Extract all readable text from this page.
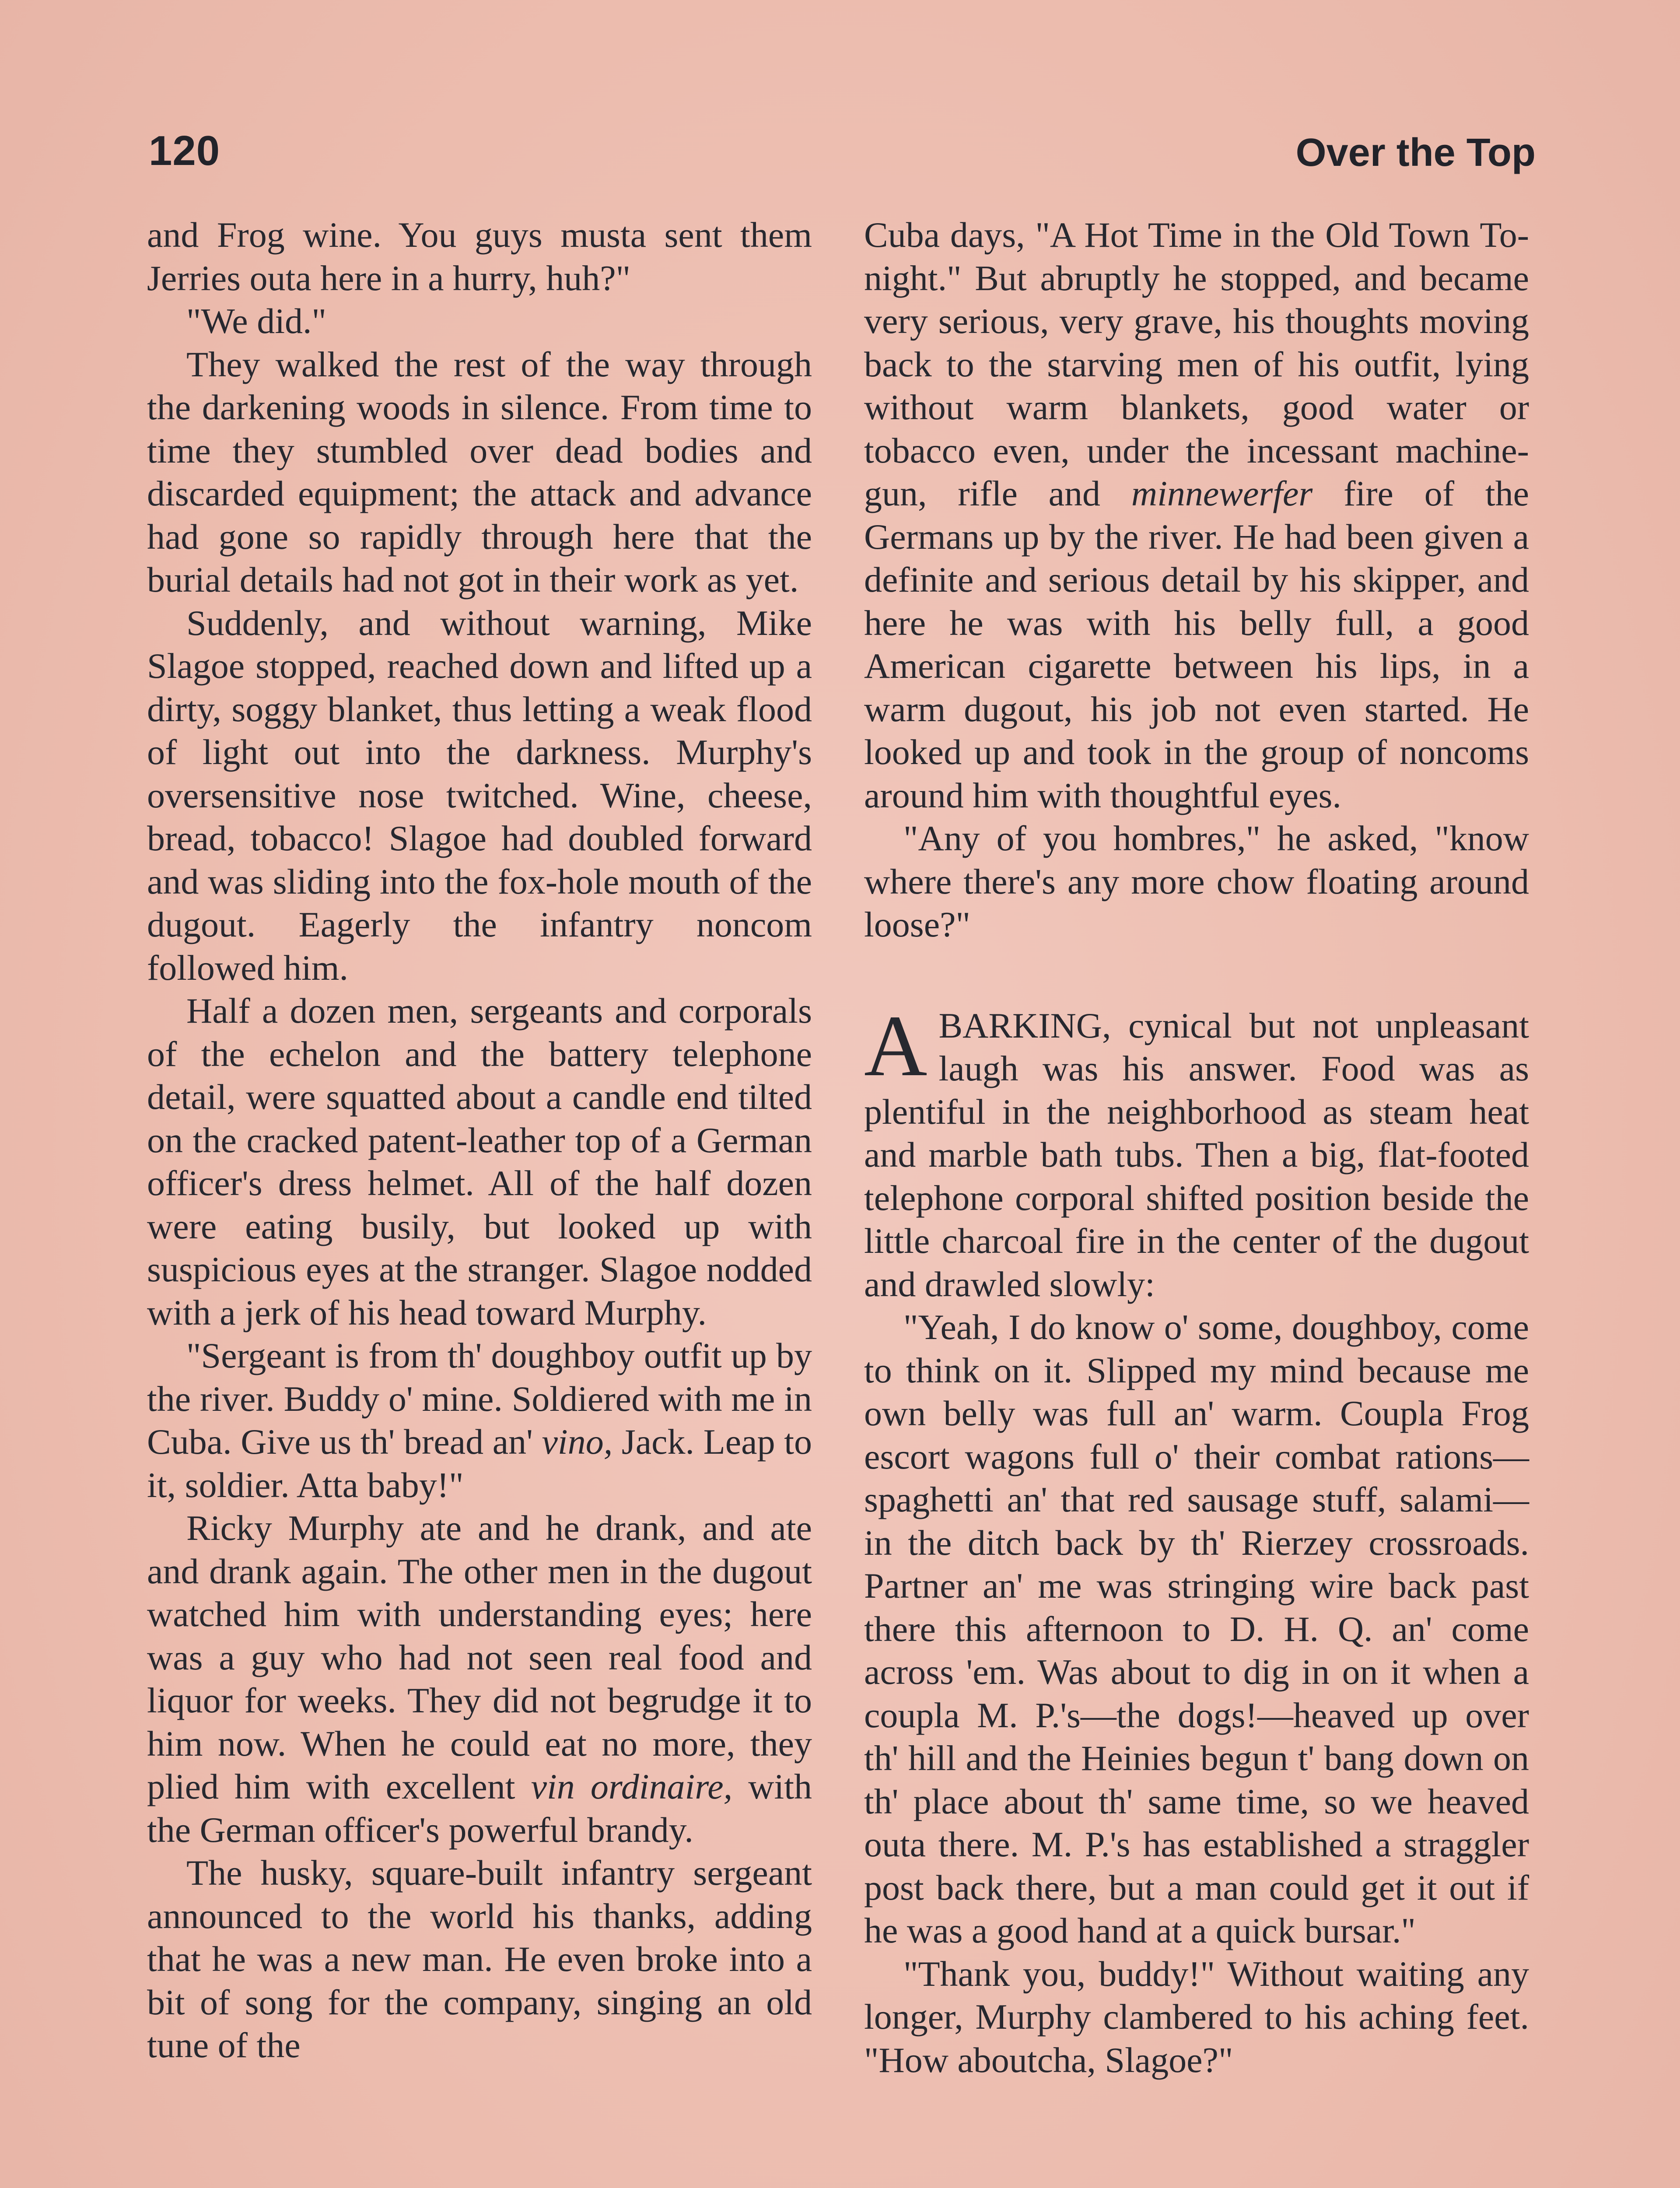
120	Over the Top

and Frog wine. You guys musta sent them Jerries outa here in a hurry, huh?"

"We did."

They walked the rest of the way through the darkening woods in silence. From time to time they stumbled over dead bodies and discarded equipment; the attack and advance had gone so rapidly through here that the burial details had not got in their work as yet.

Suddenly, and without warning, Mike Slagoe stopped, reached down and lifted up a dirty, soggy blanket, thus letting a weak flood of light out into the darkness. Murphy's oversensitive nose twitched. Wine, cheese, bread, tobacco! Slagoe had doubled forward and was sliding into the fox-hole mouth of the dugout. Eagerly the infantry noncom followed him.

Half a dozen men, sergeants and corporals of the echelon and the battery telephone detail, were squatted about a candle end tilted on the cracked patent-leather top of a German officer's dress helmet. All of the half dozen were eating busily, but looked up with suspicious eyes at the stranger. Slagoe nodded with a jerk of his head toward Murphy.

"Sergeant is from th' doughboy outfit up by the river. Buddy o' mine. Soldiered with me in Cuba. Give us th' bread an' vino, Jack. Leap to it, soldier. Atta baby!"

Ricky Murphy ate and he drank, and ate and drank again. The other men in the dugout watched him with understanding eyes; here was a guy who had not seen real food and liquor for weeks. They did not begrudge it to him now. When he could eat no more, they plied him with excellent vin ordinaire, with the German officer's powerful brandy.

The husky, square-built infantry sergeant announced to the world his thanks, adding that he was a new man. He even broke into a bit of song for the company, singing an old tune of the

Cuba days, "A Hot Time in the Old Town To-night." But abruptly he stopped, and became very serious, very grave, his thoughts moving back to the starving men of his outfit, lying without warm blankets, good water or tobacco even, under the incessant machine-gun, rifle and minnewerfer fire of the Germans up by the river. He had been given a definite and serious detail by his skipper, and here he was with his belly full, a good American cigarette between his lips, in a warm dugout, his job not even started. He looked up and took in the group of noncoms around him with thoughtful eyes.

"Any of you hombres," he asked, "know where there's any more chow floating around loose?"

ABARKING, cynical but not unpleasant laugh was his answer. Food was as plentiful in the neighborhood as steam heat and marble bath tubs. Then a big, flat-footed telephone corporal shifted position beside the little charcoal fire in the center of the dugout and drawled slowly:

"Yeah, I do know o' some, doughboy, come to think on it. Slipped my mind because me own belly was full an' warm. Coupla Frog escort wagons full o' their combat rations—spaghetti an' that red sausage stuff, salami—in the ditch back by th' Rierzey crossroads. Partner an' me was stringing wire back past there this afternoon to D. H. Q. an' come across 'em. Was about to dig in on it when a coupla M. P.'s—the dogs!—heaved up over th' hill and the Heinies begun t' bang down on th' place about th' same time, so we heaved outa there. M. P.'s has established a straggler post back there, but a man could get it out if he was a good hand at a quick bursar."

"Thank you, buddy!" Without waiting any longer, Murphy clambered to his aching feet. "How aboutcha, Slagoe?"
